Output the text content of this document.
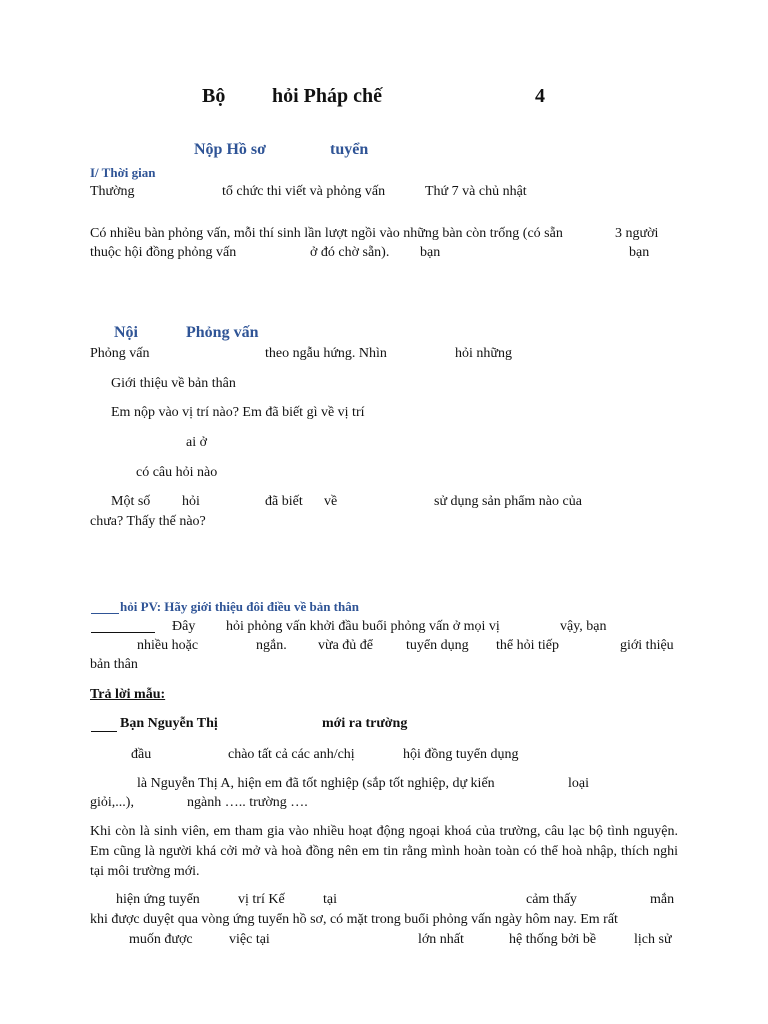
Bộ hỏi Pháp chế	4
Nộp Hồ sơ	tuyển
I/ Thời gian
Thường	tổ chức thi viết và phỏng vấn	Thứ 7 và chủ nhật
Có nhiều bàn phỏng vấn, mỗi thí sinh lần lượt ngồi vào những bàn còn trống (có sẵn	3 người
thuộc hội đồng phỏng vấn	ở đó chờ sẵn). bạn	bạn
Nội	Phỏng vấn
Phỏng vấn	theo ngẫu hứng. Nhìn	hỏi những
Giới thiệu về bản thân
Em nộp vào vị trí nào? Em đã biết gì về vị trí
ai ở
có câu hỏi nào
Một số hỏi	đã biết về	sử dụng sản phẩm nào của
chưa? Thấy thế nào?
hỏi PV: Hãy giới thiệu đôi điều về bản thân
Đây hỏi phỏng vấn khởi đầu buổi phỏng vấn ở mọi vị	vậy, bạn
nhiều hoặc	ngắn. vừa đủ để tuyển dụng thể hỏi tiếp	giới thiệu
bản thân
Trả lời mẫu:
Bạn Nguyễn Thị	mới ra trường
đầu	chào tất cả các anh/chị	hội đồng tuyển dụng
là Nguyễn Thị A, hiện em đã tốt nghiệp (sắp tốt nghiệp, dự kiến	loại
giỏi,...),	ngành ….. trường ….
Khi còn là sinh viên, em tham gia vào nhiều hoạt động ngoại khoá của trường, câu lạc bộ tình nguyện. Em cũng là người khá cởi mở và hoà đồng nên em tin rằng mình hoàn toàn có thể hoà nhập, thích nghi tại môi trường mới.
hiện ứng tuyển	vị trí Kế	tại	cảm thấy	mắn
khi được duyệt qua vòng ứng tuyển hồ sơ, có mặt trong buổi phỏng vấn ngày hôm nay. Em rất
muốn được	việc tại	lớn nhất	hệ thống bởi bề	lịch sử
